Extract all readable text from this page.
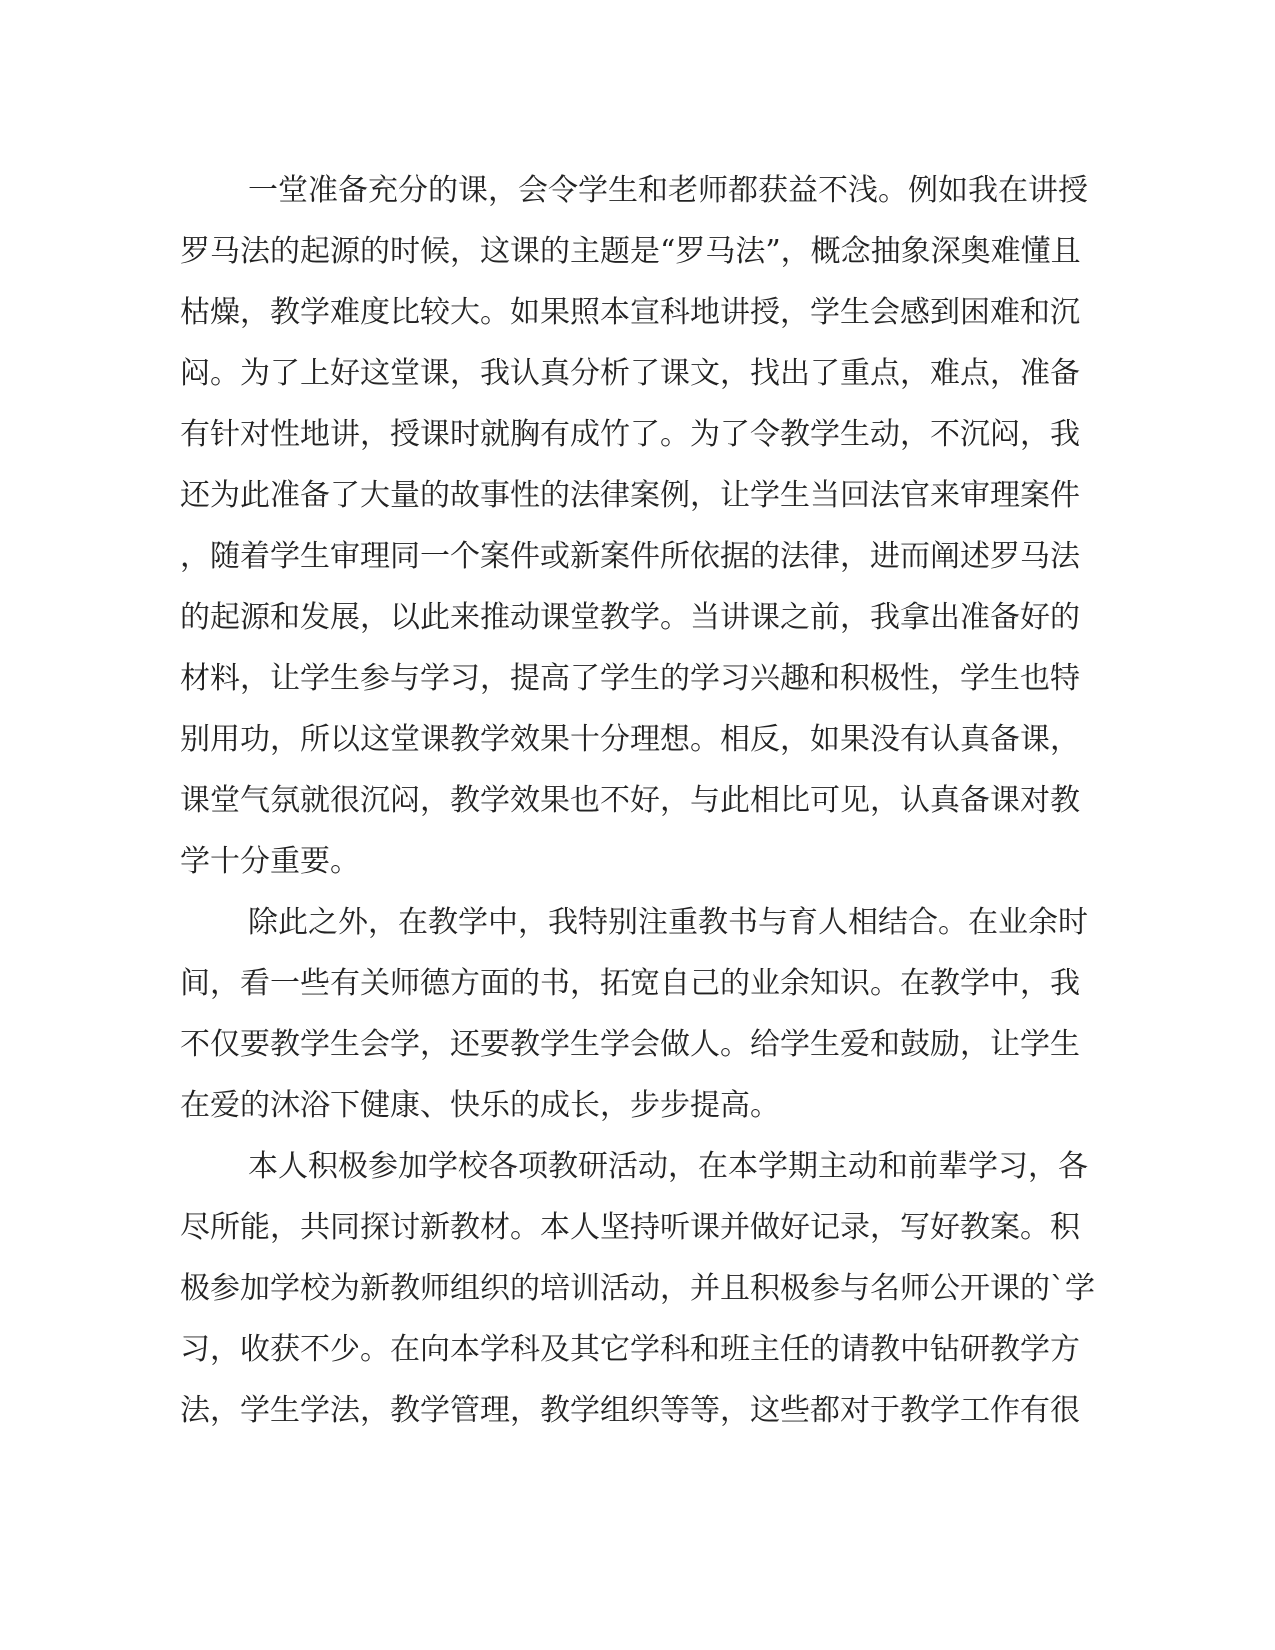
一堂准备充分的课，会令学生和老师都获益不浅。例如我在讲授
罗马法的起源的时候，这课的主题是“罗马法”，概念抽象深奥难懂且
枯燥，教学难度比较大。如果照本宣科地讲授，学生会感到困难和沉
闷。为了上好这堂课，我认真分析了课文，找出了重点，难点，准备
有针对性地讲，授课时就胸有成竹了。为了令教学生动，不沉闷，我
还为此准备了大量的故事性的法律案例，让学生当回法官来审理案件
，随着学生审理同一个案件或新案件所依据的法律，进而阐述罗马法
的起源和发展，以此来推动课堂教学。当讲课之前，我拿出准备好的
材料，让学生参与学习，提高了学生的学习兴趣和积极性，学生也特
别用功，所以这堂课教学效果十分理想。相反，如果没有认真备课，
课堂气氛就很沉闷，教学效果也不好，与此相比可见，认真备课对教
学十分重要。
除此之外，在教学中，我特别注重教书与育人相结合。在业余时
间，看一些有关师德方面的书，拓宽自己的业余知识。在教学中，我
不仅要教学生会学，还要教学生学会做人。给学生爱和鼓励，让学生
在爱的沐浴下健康、快乐的成长，步步提高。
本人积极参加学校各项教研活动，在本学期主动和前辈学习，各
尽所能，共同探讨新教材。本人坚持听课并做好记录，写好教案。积
极参加学校为新教师组织的培训活动，并且积极参与名师公开课的`学
习，收获不少。在向本学科及其它学科和班主任的请教中钻研教学方
法，学生学法，教学管理，教学组织等等，这些都对于教学工作有很
